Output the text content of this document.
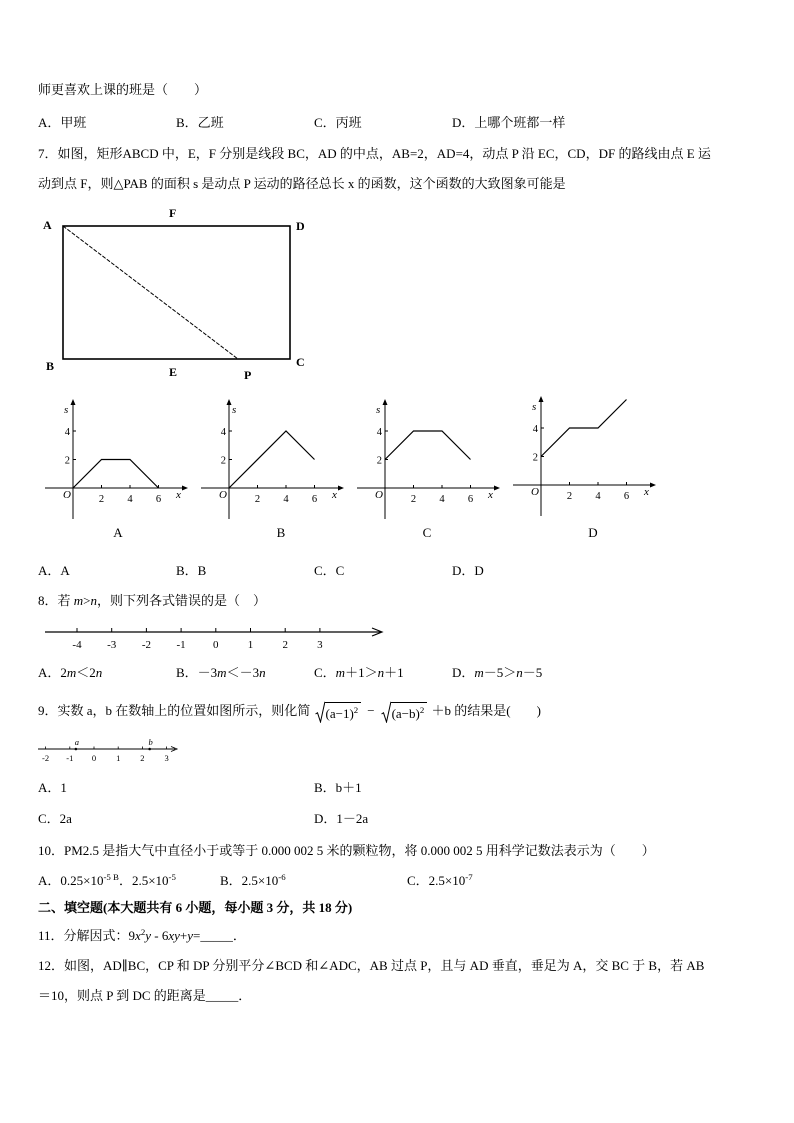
师更喜欢上课的班是（　　）
A．甲班	B．乙班	C．丙班	D．上哪个班都一样
7．如图，矩形ABCD 中，E，F 分别是线段 BC，AD 的中点，AB=2，AD=4，动点 P 沿 EC，CD，DF 的路线由点 E 运
动到点 F，则△PAB 的面积 s 是动点 P 运动的路径总长 x 的函数，这个函数的大致图象可能是
A
F
D
B	E
C
P
s
x
O
2
4
2 4 6
s
x
O
2
4
2 4 6
s
x
O
2
4
2 4 6
s
x
O
2
4
2 4 6
A	B	C	D
A．A	B．B	C．C	D．D
8．若 m>n，则下列各式错误的是（　）
-4 -3 -2 -1 0	1	2	3
A．2m＜2n	B．－3m＜－3n	C．m＋1＞n＋1	D．m－5＞n－5
9．实数 a，b 在数轴上的位置如图所示，则化简 $(a-1)^2 - (a-b)^2 +b$ 的结果是(　　)
-2 -1 0 1 2 3
a	b
A．1	B．b＋1
C．2a	D．1－2a
10．PM2.5 是指大气中直径小于或等于 0.000 002 5 米的颗粒物，将 0.000 002 5 用科学记数法表示为（　　）
A．$0.25\times 10^{-5 B}$．$2.5\times 10^{-5}$	B．$2.5\times 10^{-6}$	C．$2.5\times 10^{-7}$
二、填空题(本大题共有 6 小题，每小题 3 分，共 18 分)
11．分解因式：$9x^2y$ - 6xy+y=_____．
12．如图，AD∥BC，CP 和 DP 分别平分∠BCD 和∠ADC，AB 过点 P，且与 AD 垂直，垂足为 A，交 BC 于 B，若 AB
＝10，则点 P 到 DC 的距离是_____．
